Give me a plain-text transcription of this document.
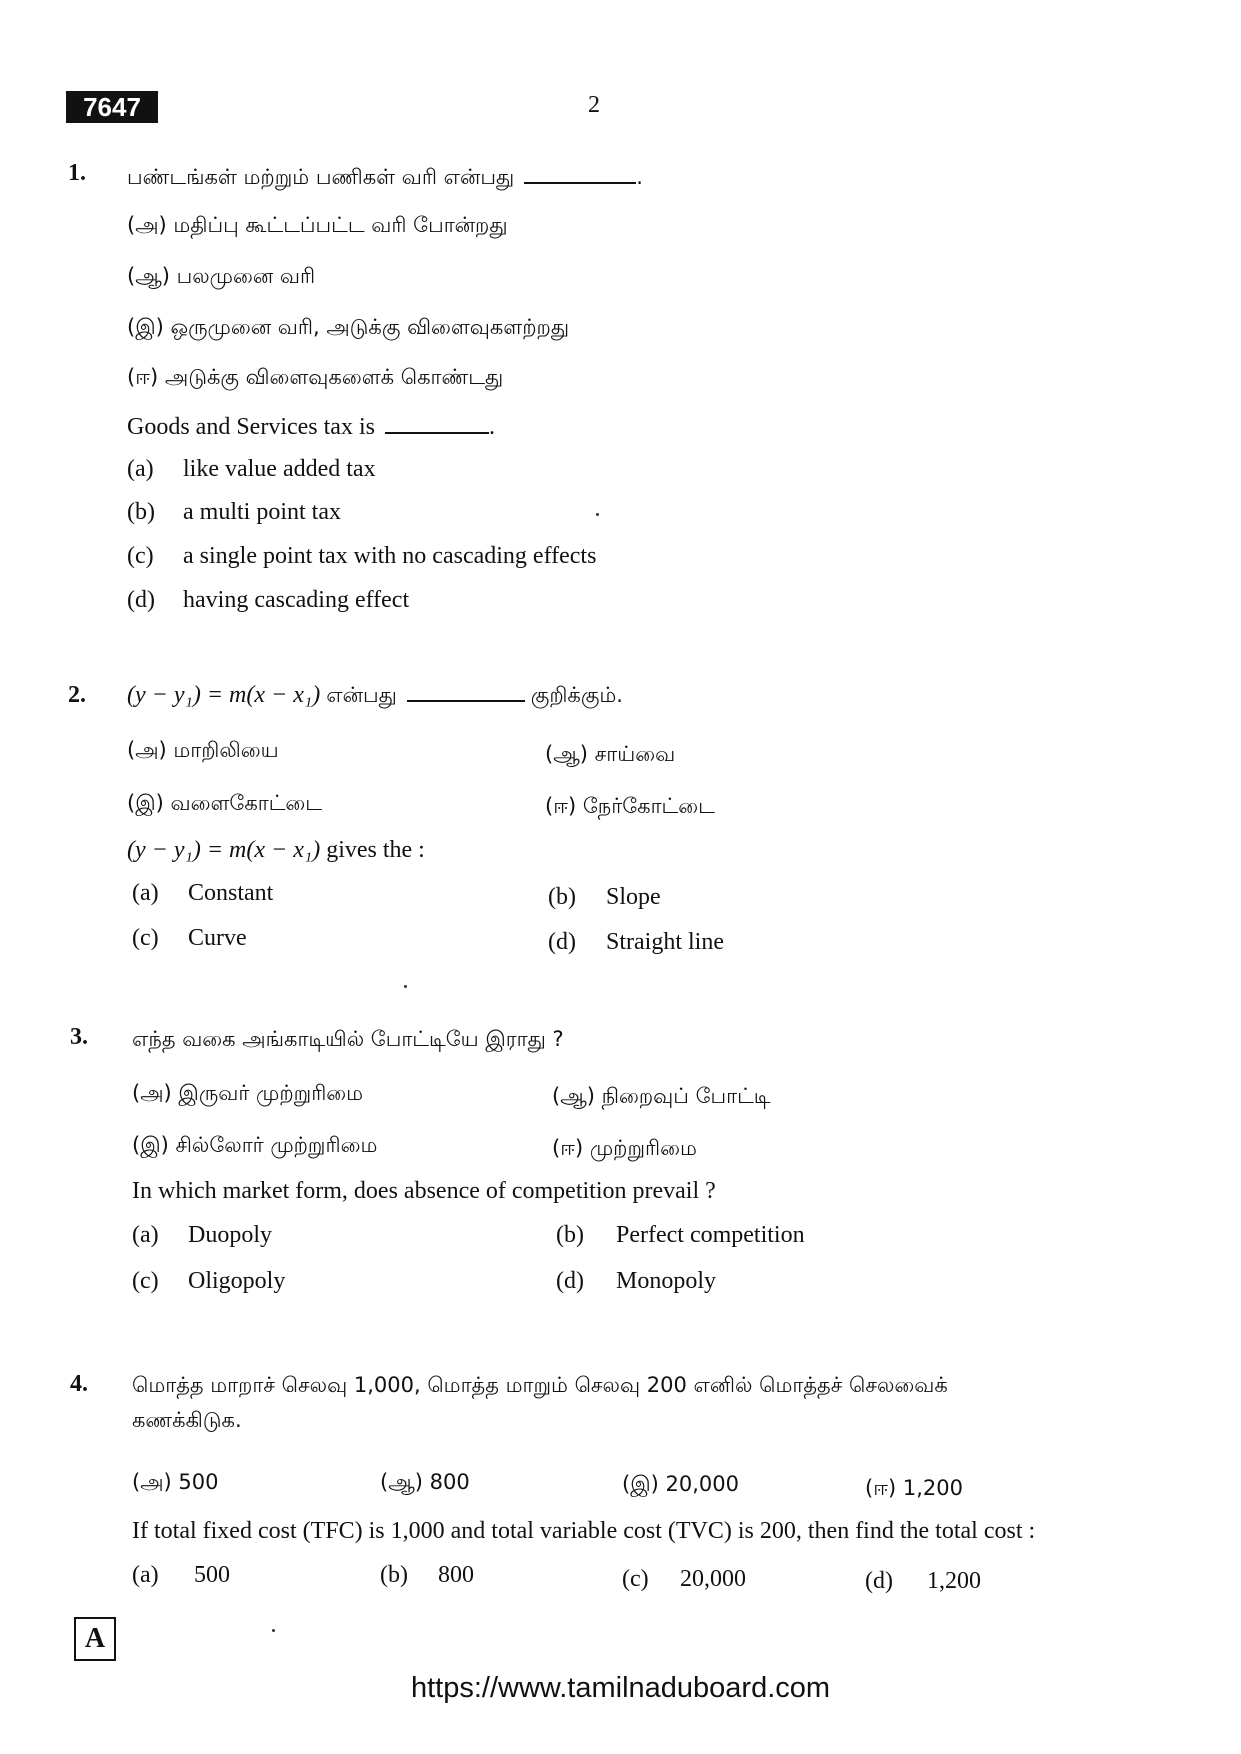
7647	2
1. பண்டங்கள் மற்றும் பணிகள் வரி என்பது	.
(அ) மதிப்பு கூட்டப்பட்ட வரி போன்றது
(ஆ) பலமுனை வரி
(இ) ஒருமுனை வரி, அடுக்கு விளைவுகளற்றது
(ஈ) அடுக்கு விளைவுகளைக் கொண்டது
Goods and Services tax is	.
(a) like value added tax
(b) a multi point tax
(c) a single point tax with no cascading effects
(d) having cascading effect
2. (y − y₁) = m(x − x₁) என்பது	குறிக்கும்.
(அ) மாறிலியை	(ஆ) சாய்வை
(இ) வளைகோட்டை	(ஈ) நேர்கோட்டை
(y − y₁) = m(x − x₁) gives the :
(a) Constant	(b) Slope
(c) Curve	(d) Straight line
3. எந்த வகை அங்காடியில் போட்டியே இராது ?
(அ) இருவர் முற்றுரிமை	(ஆ) நிறைவுப் போட்டி
(இ) சில்லோர் முற்றுரிமை	(ஈ) முற்றுரிமை
In which market form, does absence of competition prevail ?
(a) Duopoly	(b) Perfect competition
(c) Oligopoly	(d) Monopoly
4. மொத்த மாறாச் செலவு 1,000, மொத்த மாறும் செலவு 200 எனில் மொத்தச் செலவைக்
கணக்கிடுக.
(அ) 500	(ஆ) 800	(இ) 20,000	(ஈ) 1,200
If total fixed cost (TFC) is 1,000 and total variable cost (TVC) is 200, then find the total cost :
(a) 500	(b) 800	(c) 20,000	(d) 1,200
A
https://www.tamilnaduboard.com
